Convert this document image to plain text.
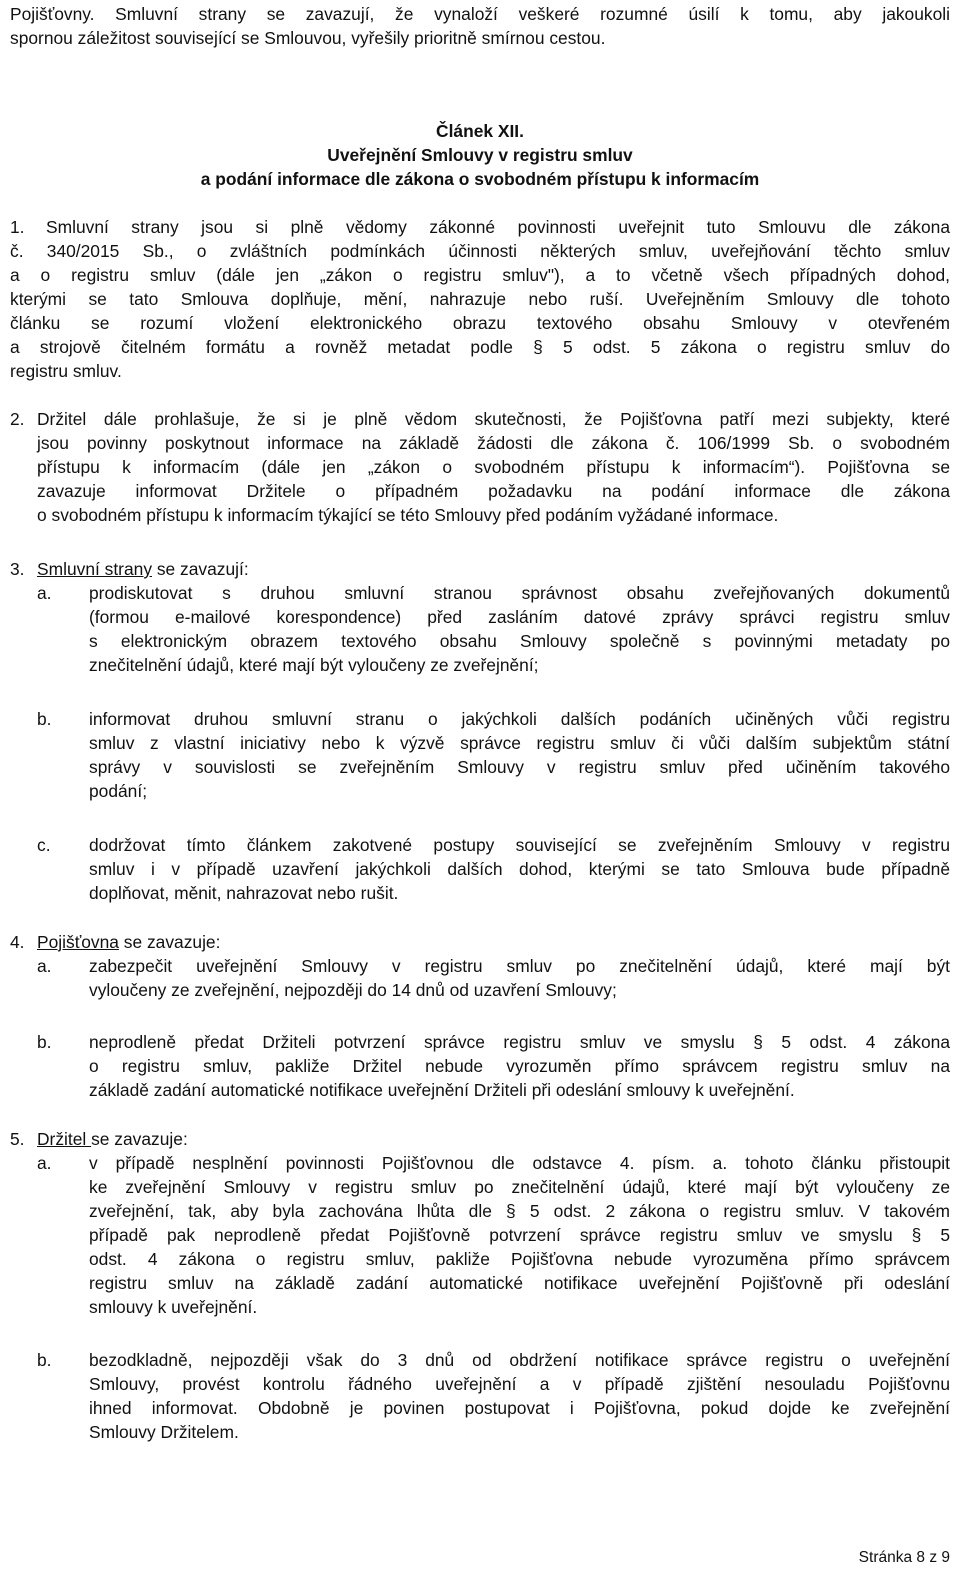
Pojišťovny. Smluvní strany se zavazují, že vynaloží veškeré rozumné úsilí k tomu, aby jakoukoli
spornou záležitost související se Smlouvou, vyřešily prioritně smírnou cestou.
Článek XII.
Uveřejnění Smlouvy v registru smluv
a podání informace dle zákona o svobodném přístupu k informacím
1. Smluvní strany jsou si plně vědomy zákonné povinnosti uveřejnit tuto Smlouvu dle zákona
č. 340/2015 Sb., o zvláštních podmínkách účinnosti některých smluv, uveřejňování těchto smluv
a o registru smluv (dále jen „zákon o registru smluv"), a to včetně všech případných dohod,
kterými se tato Smlouva doplňuje, mění, nahrazuje nebo ruší. Uveřejněním Smlouvy dle tohoto
článku se rozumí vložení elektronického obrazu textového obsahu Smlouvy v otevřeném
a strojově čitelném formátu a rovněž metadat podle § 5 odst. 5 zákona o registru smluv do
registru smluv.
2. Držitel dále prohlašuje, že si je plně vědom skutečnosti, že Pojišťovna patří mezi subjekty, které
jsou povinny poskytnout informace na základě žádosti dle zákona č. 106/1999 Sb. o svobodném
přístupu k informacím (dále jen „zákon o svobodném přístupu k informacím“). Pojišťovna se
zavazuje informovat Držitele o případném požadavku na podání informace dle zákona
o svobodném přístupu k informacím týkající se této Smlouvy před podáním vyžádané informace.
3. Smluvní strany se zavazují:
a. prodiskutovat s druhou smluvní stranou správnost obsahu zveřejňovaných dokumentů
(formou e-mailové korespondence) před zasláním datové zprávy správci registru smluv
s elektronickým obrazem textového obsahu Smlouvy společně s povinnými metadaty po
znečitelnění údajů, které mají být vyloučeny ze zveřejnění;
b. informovat druhou smluvní stranu o jakýchkoli dalších podáních učiněných vůči registru
smluv z vlastní iniciativy nebo k výzvě správce registru smluv či vůči dalším subjektům státní
správy v souvislosti se zveřejněním Smlouvy v registru smluv před učiněním takového
podání;
c. dodržovat tímto článkem zakotvené postupy související se zveřejněním Smlouvy v registru
smluv i v případě uzavření jakýchkoli dalších dohod, kterými se tato Smlouva bude případně
doplňovat, měnit, nahrazovat nebo rušit.
4. Pojišťovna se zavazuje:
a. zabezpečit uveřejnění Smlouvy v registru smluv po znečitelnění údajů, které mají být
vyloučeny ze zveřejnění, nejpozději do 14 dnů od uzavření Smlouvy;
b. neprodleně předat Držiteli potvrzení správce registru smluv ve smyslu § 5 odst. 4 zákona
o registru smluv, pakliže Držitel nebude vyrozuměn přímo správcem registru smluv na
základě zadání automatické notifikace uveřejnění Držiteli při odeslání smlouvy k uveřejnění.
5. Držitel se zavazuje:
a. v případě nesplnění povinnosti Pojišťovnou dle odstavce 4. písm. a. tohoto článku přistoupit
ke zveřejnění Smlouvy v registru smluv po znečitelnění údajů, které mají být vyloučeny ze
zveřejnění, tak, aby byla zachována lhůta dle § 5 odst. 2 zákona o registru smluv. V takovém
případě pak neprodleně předat Pojišťovně potvrzení správce registru smluv ve smyslu § 5
odst. 4 zákona o registru smluv, pakliže Pojišťovna nebude vyrozuměna přímo správcem
registru smluv na základě zadání automatické notifikace uveřejnění Pojišťovně při odeslání
smlouvy k uveřejnění.
b. bezodkladně, nejpozději však do 3 dnů od obdržení notifikace správce registru o uveřejnění
Smlouvy, provést kontrolu řádného uveřejnění a v případě zjištění nesouladu Pojišťovnu
ihned informovat. Obdobně je povinen postupovat i Pojišťovna, pokud dojde ke zveřejnění
Smlouvy Držitelem.
Stránka 8 z 9
